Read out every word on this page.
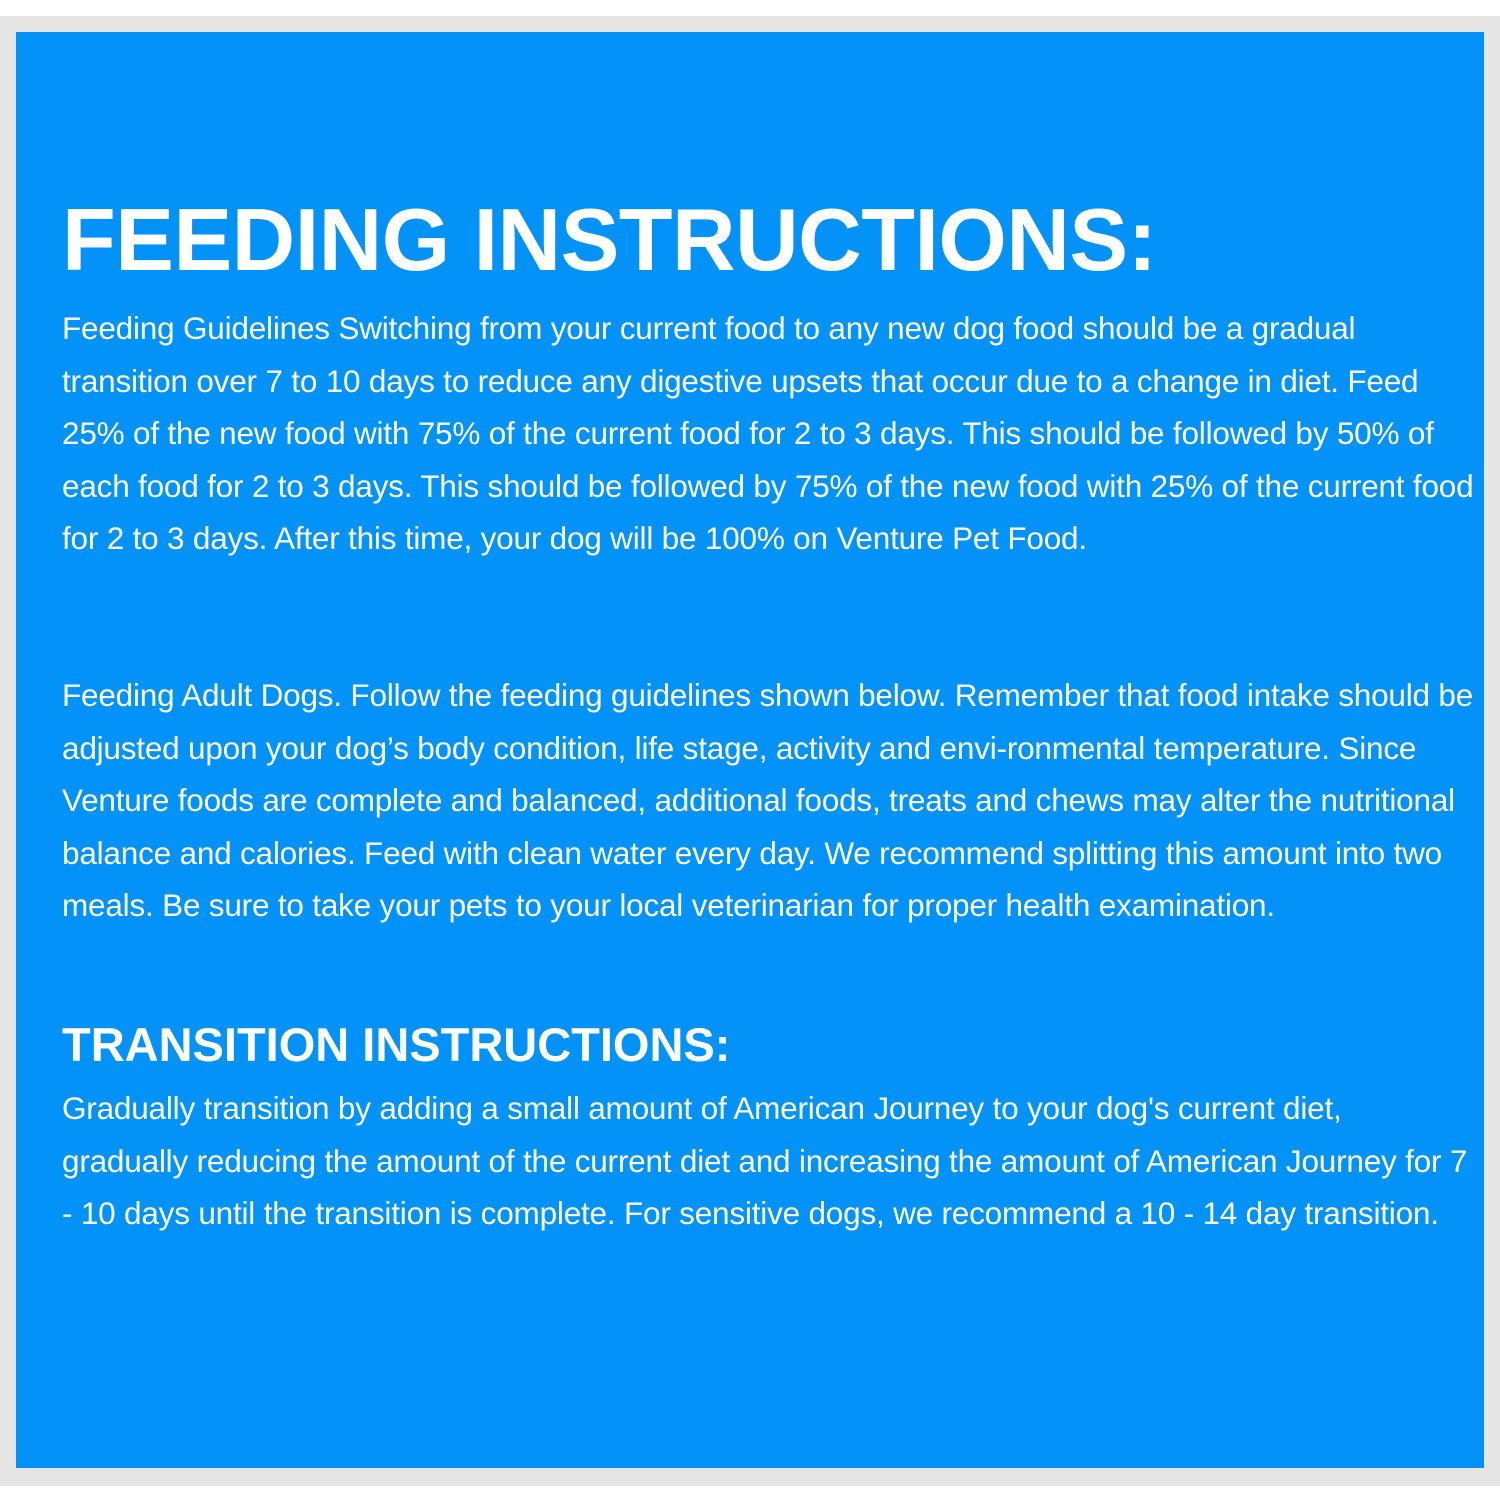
FEEDING INSTRUCTIONS:

Feeding Guidelines Switching from your current food to any new dog food should be a gradual transition over 7 to 10 days to reduce any digestive upsets that occur due to a change in diet. Feed 25% of the new food with 75% of the current food for 2 to 3 days. This should be followed by 50% of each food for 2 to 3 days. This should be followed by 75% of the new food with 25% of the current food for 2 to 3 days. After this time, your dog will be 100% on Venture Pet Food.

Feeding Adult Dogs. Follow the feeding guidelines shown below. Remember that food intake should be adjusted upon your dog’s body condition, life stage, activity and envi-ronmental temperature. Since Venture foods are complete and balanced, additional foods, treats and chews may alter the nutritional balance and calories. Feed with clean water every day. We recommend splitting this amount into two meals. Be sure to take your pets to your local veterinarian for proper health examination.

TRANSITION INSTRUCTIONS:

Gradually transition by adding a small amount of American Journey to your dog's current diet, gradually reducing the amount of the current diet and increasing the amount of American Journey for 7 - 10 days until the transition is complete. For sensitive dogs, we recommend a 10 - 14 day transition.
